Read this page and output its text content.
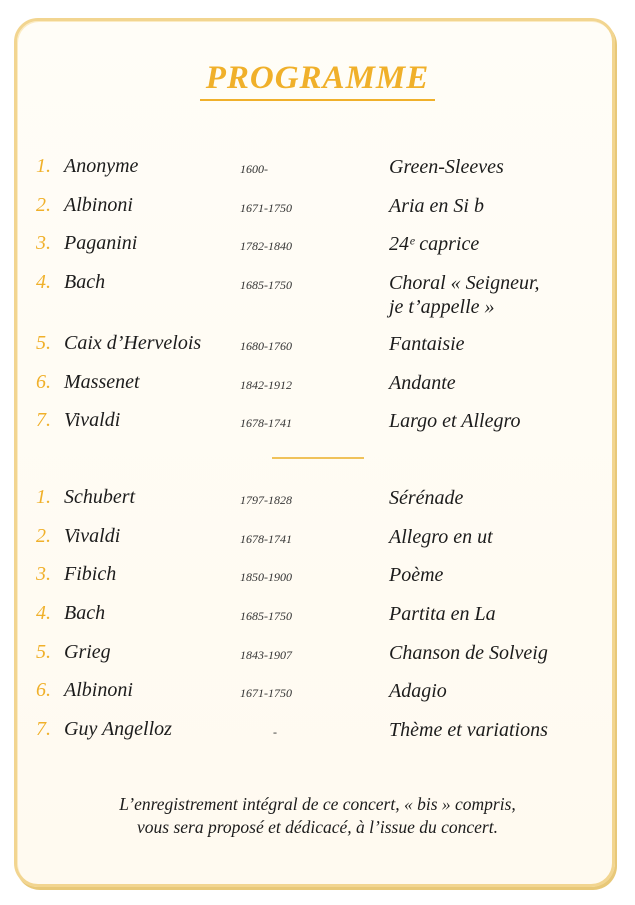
PROGRAMME
1. Anonyme	1600-	Green-Sleeves
2. Albinoni	1671-1750	Aria en Si b
3. Paganini	1782-1840	24ᵉ caprice
4. Bach	1685-1750	Choral « Seigneur,
je t’appelle »
5. Caix d’Hervelois	1680-1760	Fantaisie
6. Massenet	1842-1912	Andante
7. Vivaldi	1678-1741	Largo et Allegro
1. Schubert	1797-1828	Sérénade
2. Vivaldi	1678-1741	Allegro en ut
3. Fibich	1850-1900	Poème
4. Bach	1685-1750	Partita en La
5. Grieg	1843-1907	Chanson de Solveig
6. Albinoni	1671-1750	Adagio
7. Guy Angelloz	-	Thème et variations
L’enregistrement intégral de ce concert, « bis » compris,
vous sera proposé et dédicacé, à l’issue du concert.
